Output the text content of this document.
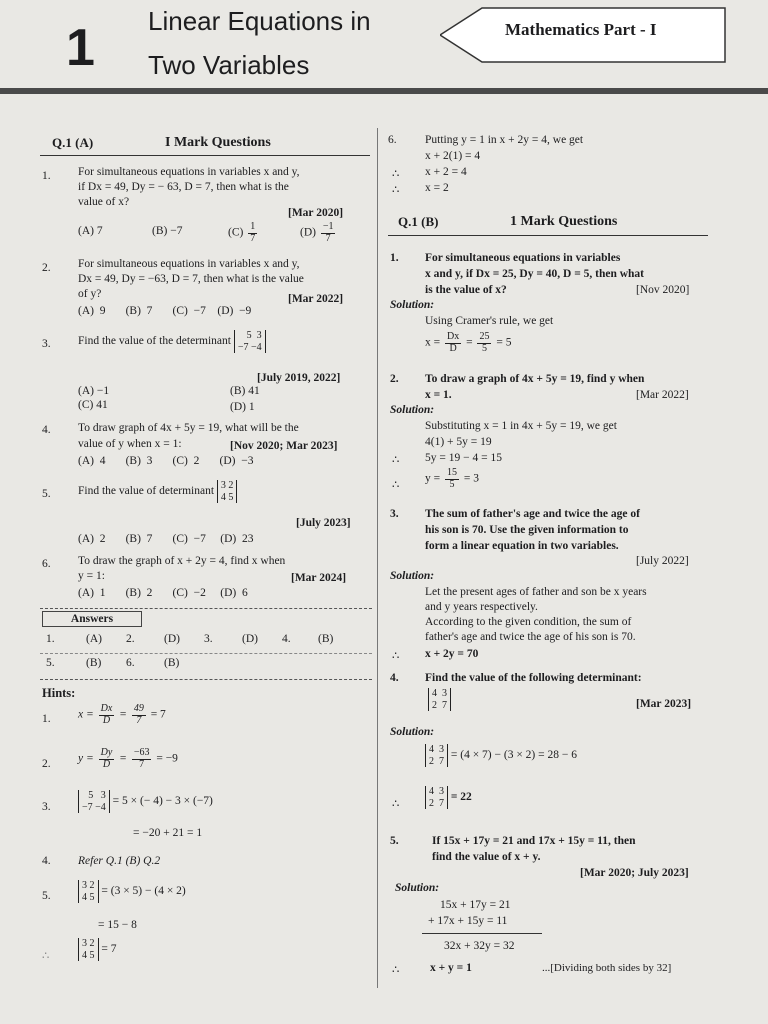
1 Linear Equations in
Two Variables
Mathematics Part - I
Q.1 (A)	I Mark Questions
1. For simultaneous equations in variables x and y,
if Dx = 49, Dy = − 63, D = 7, then what is the
value of x?
[Mar 2020]
(A) 7	(B) −7	$(C) \frac{1}{7}$	$(D) \frac{-1}{7}$
2. For simultaneous equations in variables x and y,
Dx = 49, Dy = −63, D = 7, then what is the value
of y?	[Mar 2022]
(A)  9       (B)  7       (C)  −7    (D)  −9
3. Find the value of the determinant 5 3
−7 −4
[July 2019, 2022]
(A) −1	(B) 41
(C) 41	(D) 1
4. To draw graph of 4x + 5y = 19, what will be the
value of y when x = 1:	[Nov 2020; Mar 2023]
(A)  4       (B)  3       (C)  2       (D)  −3
5. Find the value of determinant 3 2
4 5
[July 2023]
(A)  2       (B)  7       (C)  −7     (D)  23
6. To draw the graph of x + 2y = 4, find x when
y = 1:	[Mar 2024]
(A)  1       (B)  2       (C)  −2     (D)  6
Answers
1.	(A) 2.	(D) 3.	(D) 4. (B)
5.	(B) 6.	(B)
Hints:
1. $x = \frac{Dx}{D} = \frac{49}{7} = 7$
2. $y = \frac{Dy}{D} = \frac{-63}{7} = -9$
3.
5 3
−7 −4 = 5 × (− 4) − 3 × (−7)
= −20 + 21 = 1
4. Refer Q.1 (B) Q.2
5.
3 2
4 5 = (3 × 5) − (4 × 2)
= 15 − 8
∴
3 2
4 5 = 7
6. Putting y = 1 in x + 2y = 4, we get
x + 2(1) = 4
∴ x + 2 = 4
∴ x = 2
Q.1 (B)	1 Mark Questions
1. For simultaneous equations in variables
x and y, if Dx = 25, Dy = 40, D = 5, then what
is the value of x?	[Nov 2020]
Solution:
Using Cramer's rule, we get
$x = \frac{Dx}{D} = \frac{25}{5} = 5$
2. To draw a graph of 4x + 5y = 19, find y when
x = 1.	[Mar 2022]
Solution:
Substituting x = 1 in 4x + 5y = 19, we get
4(1) + 5y = 19
∴ 5y = 19 − 4 = 15
∴
$y = \frac{15}{5} = 3$
3. The sum of father's age and twice the age of
his son is 70. Use the given information to
form a linear equation in two variables.
[July 2022]
Solution:
Let the present ages of father and son be x years
and y years respectively.
According to the given condition, the sum of
father's age and twice the age of his son is 70.
∴ x + 2y = 70
4. Find the value of the following determinant:
4 3
2 7	[Mar 2023]
Solution:
4 3
2 7 = (4 × 7) − (3 × 2) = 28 − 6
∴
4 3
2 7 = 22
5.	If 15x + 17y = 21 and 17x + 15y = 11, then
find the value of x + y.
[Mar 2020; July 2023]
Solution:
15x + 17y = 21
+ 17x + 15y = 11
32x + 32y = 32
∴	x + y = 1	...[Dividing both sides by 32]
